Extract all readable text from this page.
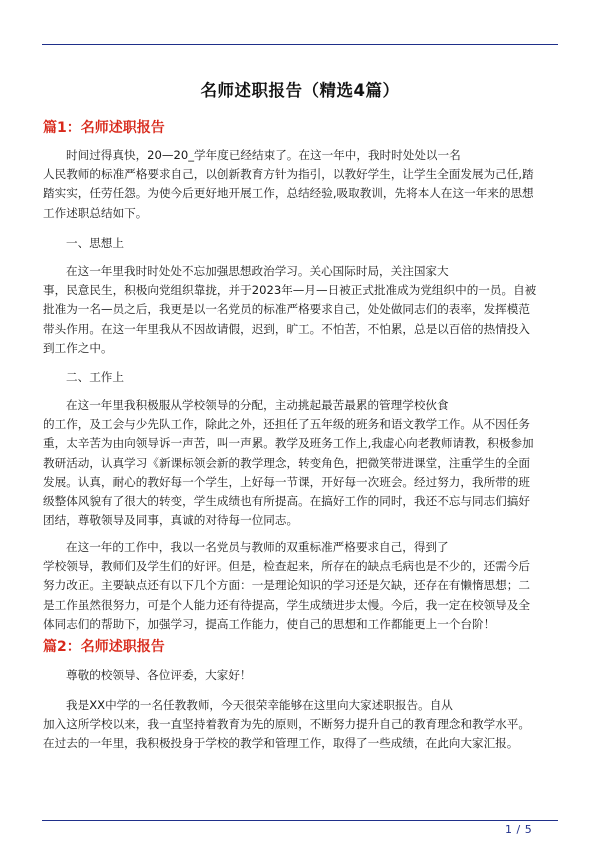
名师述职报告（精选4篇）
篇1：名师述职报告
时间过得真快，20—20_学年度已经结束了。在这一年中，我时时处处以一名
人民教师的标准严格要求自己，以创新教育方针为指引，以教好学生，让学生全面发展为己任,踏
踏实实，任劳任怨。为使今后更好地开展工作，总结经验,吸取教训，先将本人在这一年来的思想
工作述职总结如下。
一、思想上
在这一年里我时时处处不忘加强思想政治学习。关心国际时局，关注国家大
事，民意民生，积极向党组织靠拢，并于2023年—月—日被正式批准成为党组织中的一员。自被
批准为一名—员之后，我更是以一名党员的标准严格要求自己，处处做同志们的表率，发挥模范
带头作用。在这一年里我从不因故请假，迟到，旷工。不怕苦，不怕累，总是以百倍的热情投入
到工作之中。
二、工作上
在这一年里我积极服从学校领导的分配，主动挑起最苦最累的管理学校伙食
的工作，及工会与少先队工作，除此之外，还担任了五年级的班务和语文教学工作。从不因任务
重，太辛苦为由向领导诉一声苦，叫一声累。教学及班务工作上,我虚心向老教师请教，积极参加
教研活动，认真学习《新课标领会新的教学理念，转变角色，把微笑带进课堂，注重学生的全面
发展。认真，耐心的教好每一个学生，上好每一节课，开好每一次班会。经过努力，我所带的班
级整体风貌有了很大的转变，学生成绩也有所提高。在搞好工作的同时，我还不忘与同志们搞好
团结，尊敬领导及同事，真诚的对待每一位同志。
在这一年的工作中，我以一名党员与教师的双重标准严格要求自己，得到了
学校领导，教师们及学生们的好评。但是，检查起来，所存在的缺点毛病也是不少的，还需今后
努力改正。主要缺点还有以下几个方面：一是理论知识的学习还是欠缺，还存在有懒惰思想；二
是工作虽然很努力，可是个人能力还有待提高，学生成绩进步太慢。今后，我一定在校领导及全
体同志们的帮助下，加强学习，提高工作能力，使自己的思想和工作都能更上一个台阶！
篇2：名师述职报告
尊敬的校领导、各位评委，大家好！
我是XX中学的一名任教教师，今天很荣幸能够在这里向大家述职报告。自从
加入这所学校以来，我一直坚持着教育为先的原则，不断努力提升自己的教育理念和教学水平。
在过去的一年里，我积极投身于学校的教学和管理工作，取得了一些成绩，在此向大家汇报。
1 / 5
